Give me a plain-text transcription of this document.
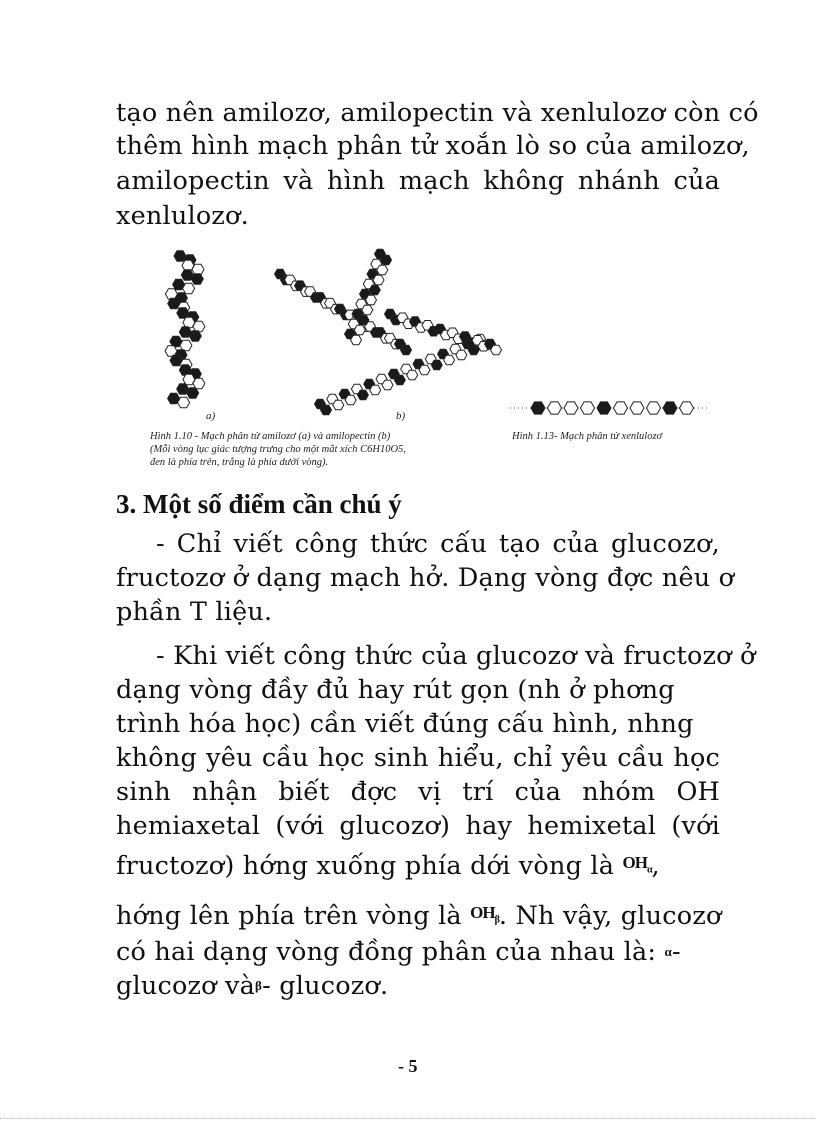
tạo nên amilozơ, amilopectin và xenlulozơ còn có
thêm hình mạch phân tử xoắn lò so của amilozơ,
amilopectin và hình mạch không nhánh của
xenlulozơ.
a)	b)
Hình 1.10 - Mạch phân tử amilozơ (a) và amilopectin (b)
(Mỗi vòng lục giác tượng trưng cho một mắt xích C6H10O5,
đen là phía trên, trắng là phía dưới vòng).
Hình 1.13- Mạch phân tử xenlulozơ
3. Một số điểm cần chú ý
- Chỉ viết công thức cấu tạo của glucozơ,
fructozơ ở dạng mạch hở. Dạng vòng đợc nêu ơ
phần T liệu.
- Khi viết công thức của glucozơ và fructozơ ở
dạng vòng đầy đủ hay rút gọn (nh ở phơng
trình hóa học) cần viết đúng cấu hình, nhng
không yêu cầu học sinh hiểu, chỉ yêu cầu học
sinh nhận biết đợc vị trí của nhóm OH
hemiaxetal (với glucozơ) hay hemixetal (với
fructozơ) hớng xuống phía dới vòng là $^{OH_\alpha}$,
hớng lên phía trên vòng là $^{OH_\beta}$. Nh vậy, glucozơ
có hai dạng vòng đồng phân của nhau là: α-
glucozơ vàβ- glucozơ.
- 5
